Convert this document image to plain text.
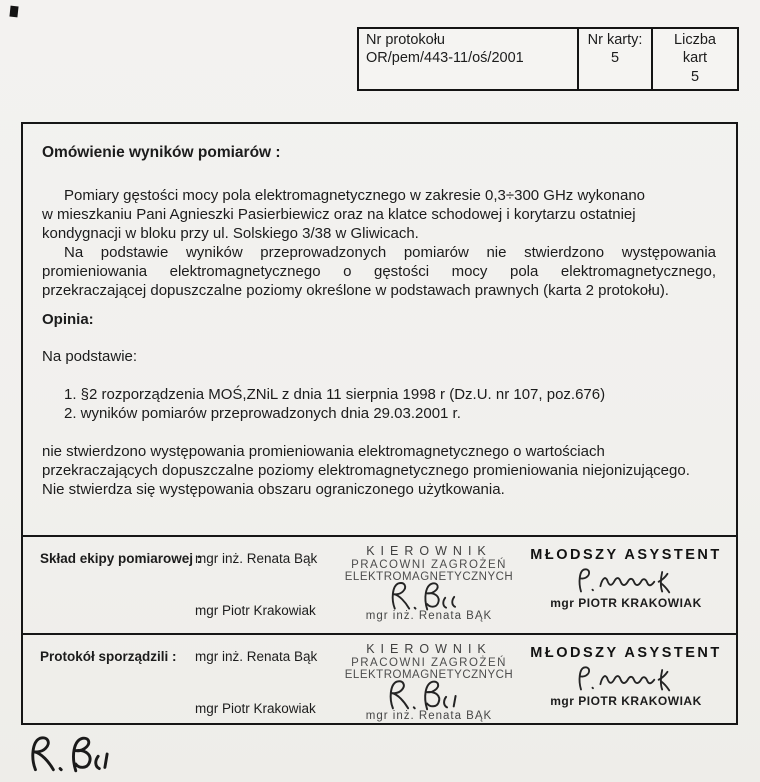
Nr protokołu
OR/pem/443-11/oś/2001
Nr karty:
5
Liczba kart
5
Omówienie wyników pomiarów :
Pomiary gęstości mocy pola elektromagnetycznego w zakresie 0,3÷300 GHz wykonano
w mieszkaniu Pani Agnieszki Pasierbiewicz oraz na klatce schodowej i korytarzu ostatniej
kondygnacji w bloku przy ul. Solskiego 3/38 w Gliwicach.
Na podstawie wyników przeprowadzonych pomiarów nie stwierdzono występowania
promieniowania elektromagnetycznego o gęstości mocy pola elektromagnetycznego,
przekraczającej dopuszczalne poziomy określone w podstawach prawnych (karta 2 protokołu).
Opinia:
Na podstawie:
1. §2 rozporządzenia MOŚ,ZNiL z dnia 11 sierpnia 1998 r (Dz.U. nr 107, poz.676)
2. wyników pomiarów przeprowadzonych dnia 29.03.2001 r.
nie stwierdzono występowania promieniowania elektromagnetycznego o wartościach
przekraczających dopuszczalne poziomy elektromagnetycznego promieniowania niejonizującego.
Nie stwierdza się występowania obszaru ograniczonego użytkowania.
Skład ekipy pomiarowej :
mgr inż. Renata Bąk
mgr Piotr Krakowiak
KIEROWNIK
PRACOWNI ZAGROŻEŃ
ELEKTROMAGNETYCZNYCH
mgr inż. Renata BĄK
MŁODSZY ASYSTENT
mgr PIOTR KRAKOWIAK
Protokół sporządzili : mgr inż. Renata Bąk
mgr Piotr Krakowiak
KIEROWNIK
PRACOWNI ZAGROŻEŃ
ELEKTROMAGNETYCZNYCH
mgr inż. Renata BĄK
MŁODSZY ASYSTENT
mgr PIOTR KRAKOWIAK
